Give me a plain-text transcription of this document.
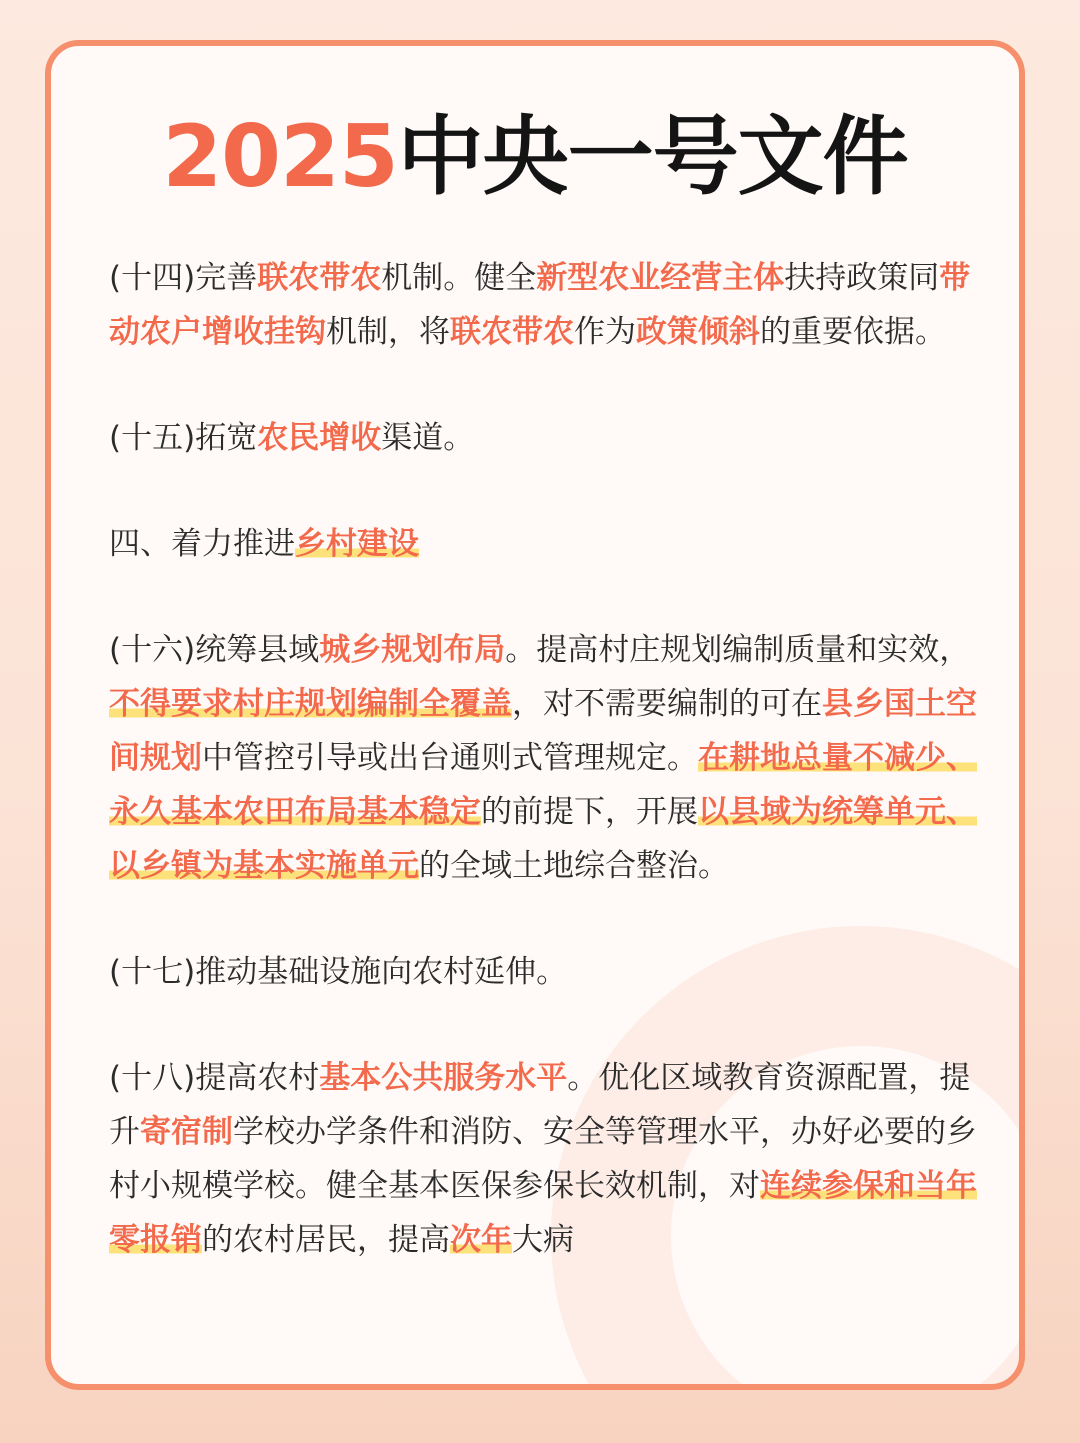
2025中央一号文件

(十四)完善联农带农机制。健全新型农业经营主体扶持政策同带动农户增收挂钩机制，将联农带农作为政策倾斜的重要依据。

(十五)拓宽农民增收渠道。

四、着力推进乡村建设

(十六)统筹县域城乡规划布局。提高村庄规划编制质量和实效，不得要求村庄规划编制全覆盖，对不需要编制的可在县乡国土空间规划中管控引导或出台通则式管理规定。在耕地总量不减少、永久基本农田布局基本稳定的前提下，开展以县域为统筹单元、以乡镇为基本实施单元的全域土地综合整治。

(十七)推动基础设施向农村延伸。

(十八)提高农村基本公共服务水平。优化区域教育资源配置，提升寄宿制学校办学条件和消防、安全等管理水平，办好必要的乡村小规模学校。健全基本医保参保长效机制，对连续参保和当年零报销的农村居民，提高次年大病
